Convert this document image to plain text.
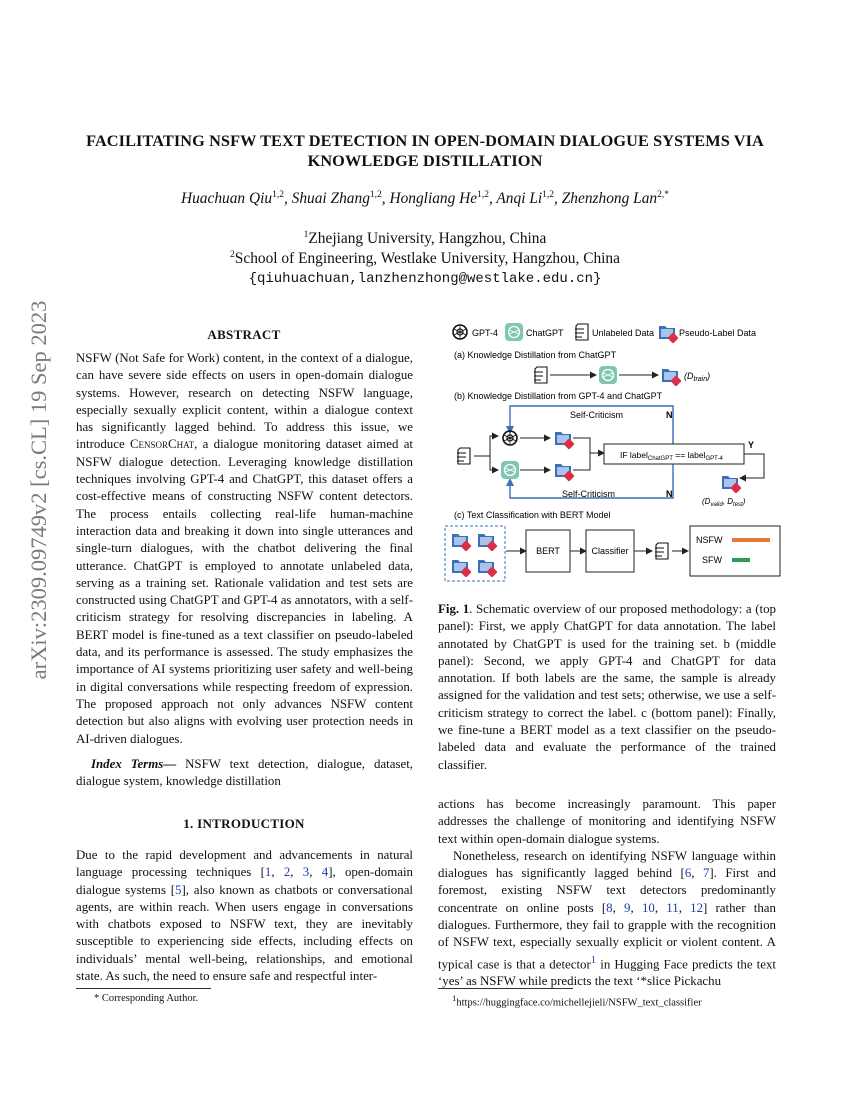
arXiv:2309.09749v2 [cs.CL] 19 Sep 2023
FACILITATING NSFW TEXT DETECTION IN OPEN-DOMAIN DIALOGUE SYSTEMS VIA
KNOWLEDGE DISTILLATION
Huachuan Qiu$^{1,2}$, Shuai Zhang$^{1,2}$, Hongliang He$^{1,2}$, Anqi Li$^{1,2}$, Zhenzhong Lan$^{2,*}$
$^1$Zhejiang University, Hangzhou, China
$^2$School of Engineering, Westlake University, Hangzhou, China
{qiuhuachuan,lanzhenzhong@westlake.edu.cn}
ABSTRACT

NSFW (Not Safe for Work) content, in the context of a dialogue, can have severe side effects on users in open-domain dialogue systems. However, research on detecting NSFW language, especially sexually explicit content, within a dialogue context has significantly lagged behind. To address this issue, we introduce CensorChat, a dialogue monitoring dataset aimed at NSFW dialogue detection. Leveraging knowledge distillation techniques involving GPT-4 and ChatGPT, this dataset offers a cost-effective means of constructing NSFW content detectors. The process entails collecting real-life human-machine interaction data and breaking it down into single utterances and single-turn dialogues, with the chatbot delivering the final utterance. ChatGPT is employed to annotate unlabeled data, serving as a training set. Rationale validation and test sets are constructed using ChatGPT and GPT-4 as annotators, with a self-criticism strategy for resolving discrepancies in labeling. A BERT model is fine-tuned as a text classifier on pseudo-labeled data, and its performance is assessed. The study emphasizes the importance of AI systems prioritizing user safety and well-being in digital conversations while respecting freedom of expression. The proposed approach not only advances NSFW content detection but also aligns with evolving user protection needs in AI-driven dialogues.

Index Terms— NSFW text detection, dialogue, dataset, dialogue system, knowledge distillation

1. INTRODUCTION

Due to the rapid development and advancements in natural language processing techniques [1, 2, 3, 4], open-domain dialogue systems [5], also known as chatbots or conversational agents, are within reach. When users engage in conversations with chatbots exposed to NSFW text, they are inevitably susceptible to experiencing side effects, including effects on individuals’ mental well-being, relationships, and emotional state. As such, the need to ensure safe and respectful inter-

* Corresponding Author.
GPT-4	ChatGPT	Unlabeled Data	Pseudo-Label Data
(a) Knowledge Distillation from ChatGPT
$(D_{train})$
(b) Knowledge Distillation from GPT-4 and ChatGPT
Self-Criticism
Self-Criticism
N
N
IF label$_{ChatGPT}$ == label$_{GPT-4}$
Y
($D_{valid}$, $D_{test}$)
(c) Text Classification with BERT Model
BERT	Classifier
NSFW
SFW
Fig. 1. Schematic overview of our proposed methodology: a (top panel): First, we apply ChatGPT for data annotation. The label annotated by ChatGPT is used for the training set. b (middle panel): Second, we apply GPT-4 and ChatGPT for data annotation. If both labels are the same, the sample is already assigned for the validation and test sets; otherwise, we use a self-criticism strategy to correct the label. c (bottom panel): Finally, we fine-tune a BERT model as a text classifier on the pseudo-labeled data and evaluate the performance of the trained classifier.

actions has become increasingly paramount. This paper addresses the challenge of monitoring and identifying NSFW text within open-domain dialogue systems.

Nonetheless, research on identifying NSFW language within dialogues has significantly lagged behind [6, 7]. First and foremost, existing NSFW text detectors predominantly concentrate on online posts [8, 9, 10, 11, 12] rather than dialogues. Furthermore, they fail to grapple with the recognition of NSFW text, especially sexually explicit or violent content. A typical case is that a detector$^1$ in Hugging Face predicts the text ‘yes’ as NSFW while predicts the text ‘*slice Pickachu

$^1$https://huggingface.co/michellejieli/NSFW_text_classifier
